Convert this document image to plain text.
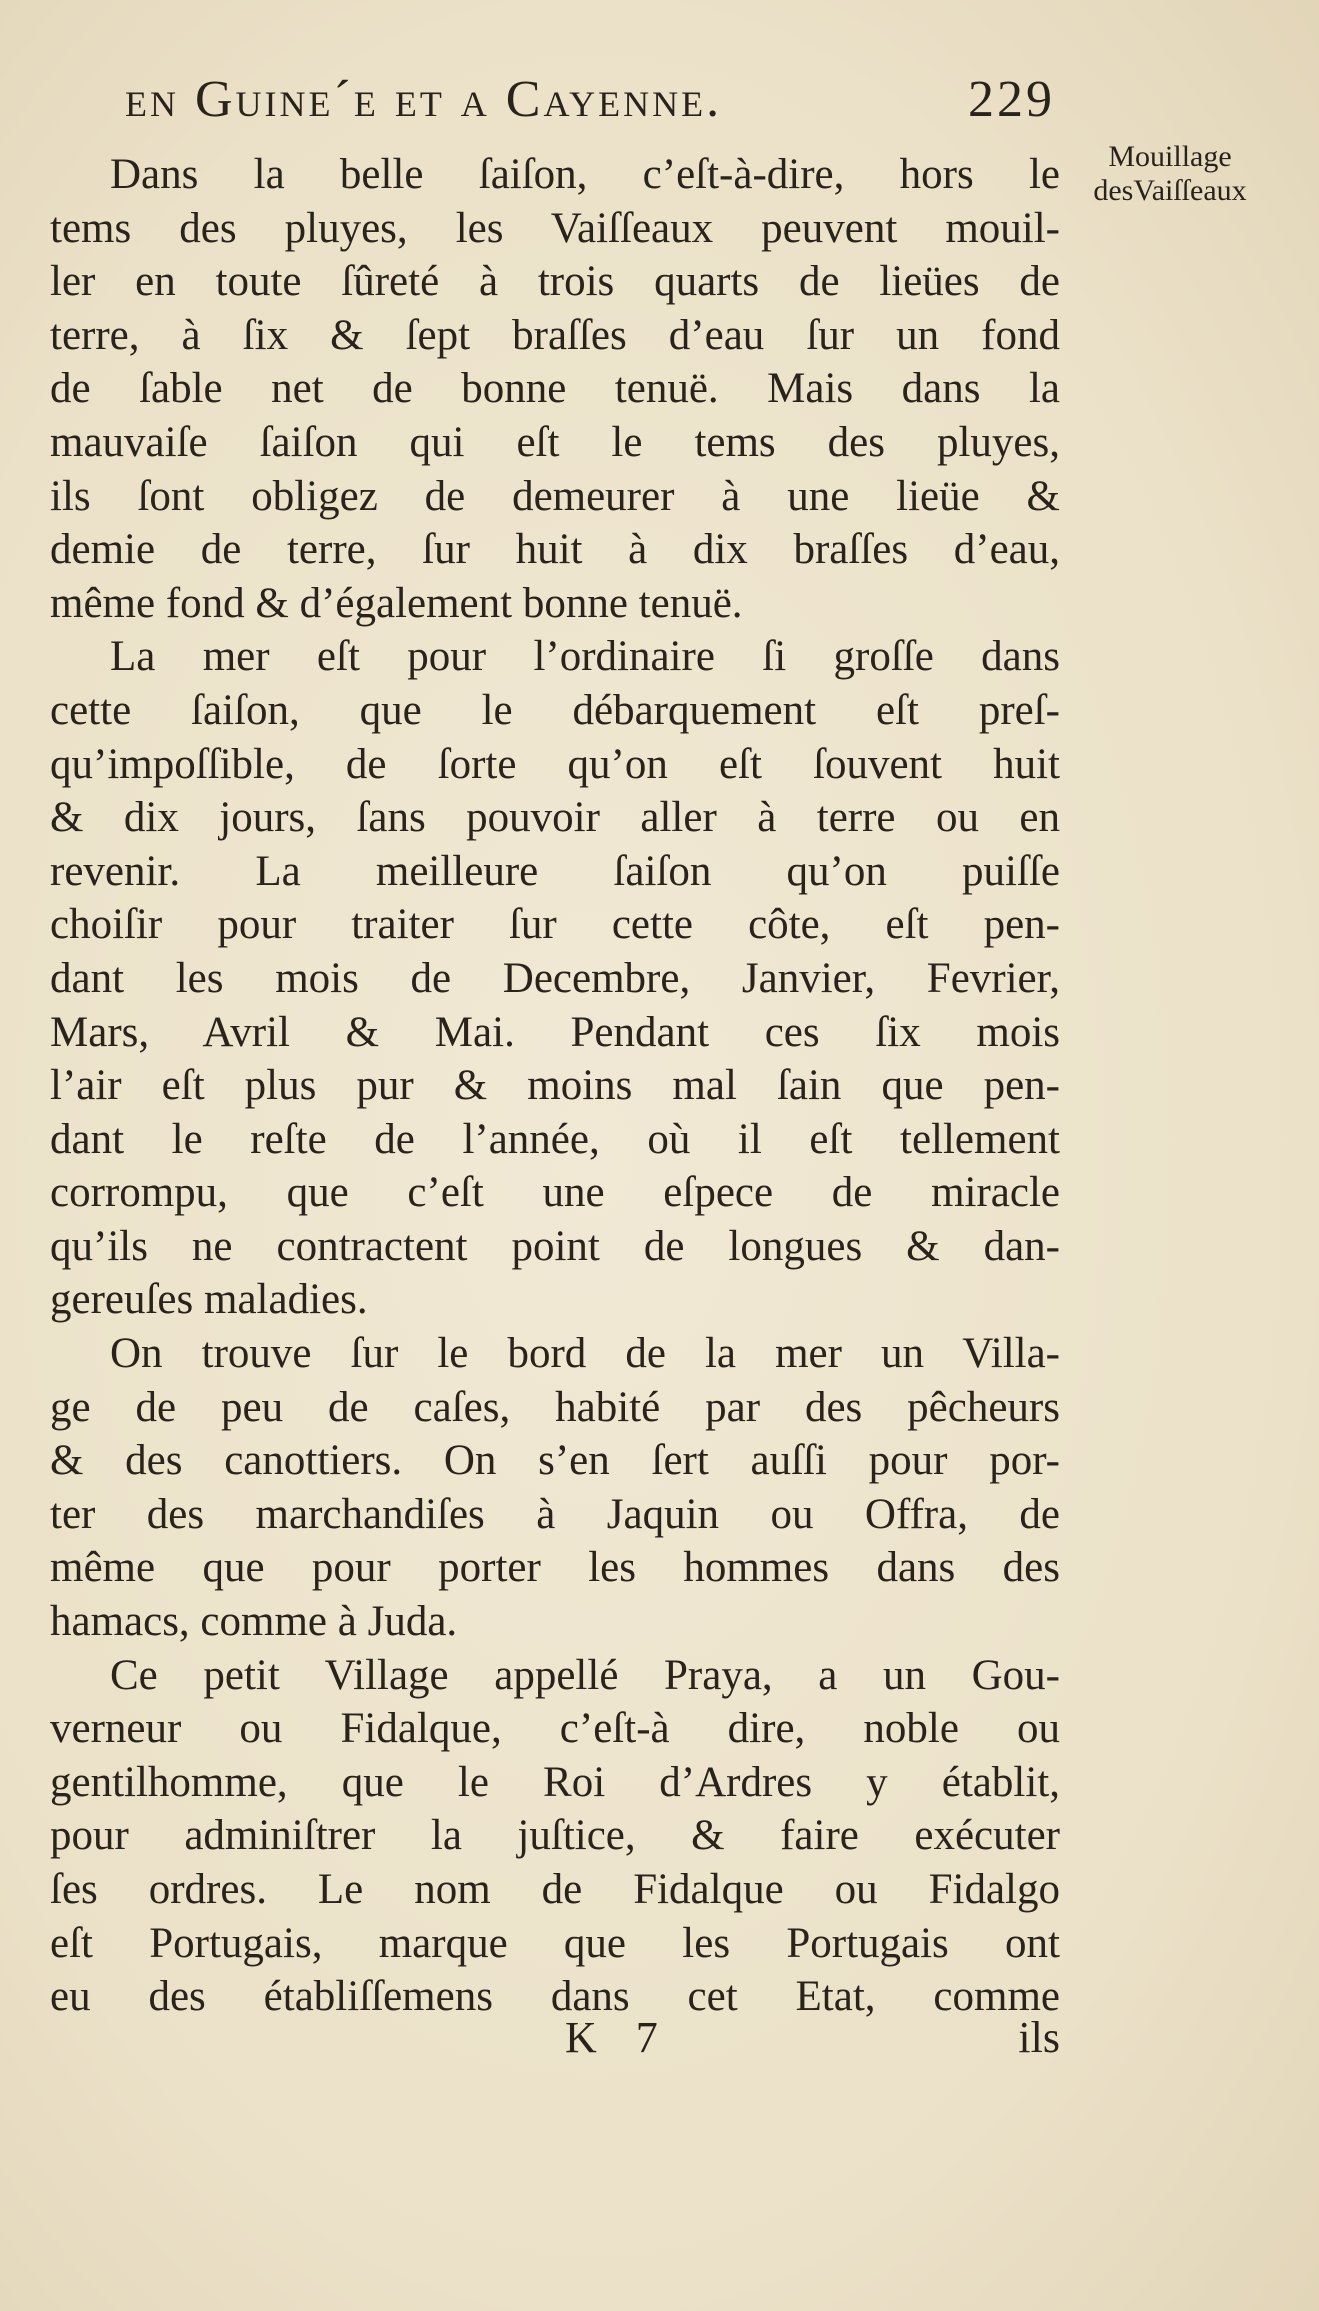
en Guine´e et a Cayenne.	229
Mouillage
desVaiſſeaux
Dans la belle ſaiſon, c’eſt-à-dire, hors le
tems des pluyes, les Vaiſſeaux peuvent mouil-
ler en toute ſûreté à trois quarts de lieües de
terre, à ſix & ſept braſſes d’eau ſur un fond
de ſable net de bonne tenuë. Mais dans la
mauvaiſe ſaiſon qui eſt le tems des pluyes,
ils ſont obligez de demeurer à une lieüe &
demie de terre, ſur huit à dix braſſes d’eau,
même fond & d’également bonne tenuë.
La mer eſt pour l’ordinaire ſi groſſe dans
cette ſaiſon, que le débarquement eſt preſ-
qu’impoſſible, de ſorte qu’on eſt ſouvent huit
& dix jours, ſans pouvoir aller à terre ou en
revenir. La meilleure ſaiſon qu’on puiſſe
choiſir pour traiter ſur cette côte, eſt pen-
dant les mois de Decembre, Janvier, Fevrier,
Mars, Avril & Mai. Pendant ces ſix mois
l’air eſt plus pur & moins mal ſain que pen-
dant le reſte de l’année, où il eſt tellement
corrompu, que c’eſt une eſpece de miracle
qu’ils ne contractent point de longues & dan-
gereuſes maladies.
On trouve ſur le bord de la mer un Villa-
ge de peu de caſes, habité par des pêcheurs
& des canottiers. On s’en ſert auſſi pour por-
ter des marchandiſes à Jaquin ou Offra, de
même que pour porter les hommes dans des
hamacs, comme à Juda.
Ce petit Village appellé Praya, a un Gou-
verneur ou Fidalque, c’eſt-à dire, noble ou
gentilhomme, que le Roi d’Ardres y établit,
pour adminiſtrer la juſtice, & faire exécuter
ſes ordres. Le nom de Fidalque ou Fidalgo
eſt Portugais, marque que les Portugais ont
eu des établiſſemens dans cet Etat, comme
K 7	ils
